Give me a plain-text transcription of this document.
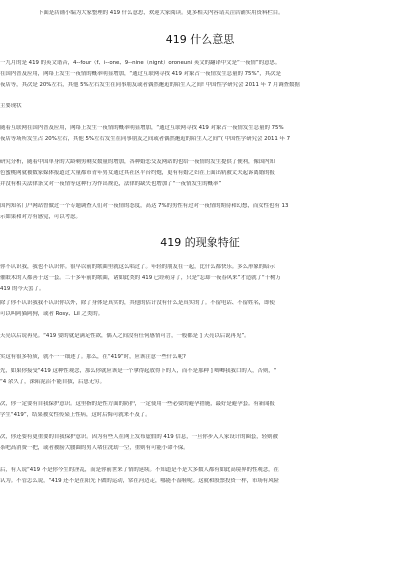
下面是店铺小编为大家整理的 419 什么意思，欢迎大家阅读。更多相关内容请关注店铺实用资料栏目。

419 什么意思

一九月的是 419 的英文谐音，4--four（f、i--one、9--nine（nignt）oroneuni 英文的翻译中文是“一夜情”的意思。

在国内普及应用，网络上发生一夜情的概率明显增加，“通过互联网寻找 419 对象占一夜情发生总量的 75%”，其次是

夜店等，其次是 20%左右，其他 5%左右发生在同事朋友或者偶然邂逅的陌生人之间! 中国性学研究会 2011 年 7 月调查数据

主要现状

随着互联网在国内普及应用，网络上发生一夜情的概率明显增加，“通过互联网寻找 419 对象占一夜情发生总量的 75%

夜店等场所发生占 20%左右，其他 5%左右发生在同事朋友之间或者偶然邂逅的陌生人之间”( 中国性学研究会 2011 年 7

研究分析，随着中国单身的大龄剩男剩女数量的增加，各种婚恋交友网站的也给一夜情的发生提供了便利，像国内知

色蜜桃网就被数家媒体报道过大量都市青年男女通过其社区平台约炮，更有有婚之妇在上面出轨被丈夫起诉离婚的报

并没有相关法律条文对一夜情等这种行为作出规范，法律的缺失也增加了“一夜情发生的概率”

国内知名门户网站曾做过一个专题调查人们对一夜情的态度，高达 7%的男性有过对一夜情的期待和幻想，而女性也有 13

示如果和对方有感觉，可以考虑。

419 的现象特征

你不认识我，我也不认识你。很早以前的歌曲里就这么唱过了。年轻的朋友在一起，比什么都快乐。多么形象的暗示

催眠术的人都善于这一套。二十多年前的歌曲，诸如此类的 419 已经萌芽了，只是“忘却一夜春风来”才造就了“千树万

419 的今天罢了。

除了你不认识我我不认识你以外，除了身体是真实的，其他的估计没有什么是真实的了。不留电话、不留姓名，即使

可以叫阿猫阿狗，或者 Rosy、Lil 之类的。

天亮以后说再见。“419 要的就是满足性欲，偶人之间没有任何感情可言，一般都是 ] 天亮以后说再见”。

实这有很多特质，就不一一细述了。那么，在“419”时，应该注意一些什么呢?

先，如果你接受“419 这种性观念，那么你就应该是一个拿得起放得下的人，而不是那种 ] 唧唧我我口的人，否则，“

“4 余久了，深陷泥沼不能自拔，后患无穷。

次，你一定要有自我保护意识。这里指的是性方面的防护，一定使用一些必要的避孕措施，最好是避孕套。有新闻报

学生“419”，结果被女性传染上性病，这时后悔可就来不及了。

次，你还要有更重要的自我保护意识。因为有些人在网上发布虚假的 419 信息，一旦你步入人家设计的圈套，轻则被

茶吧高消费一把，或者被膀大腰圆的男人堵住洗劫一空，重则有可能小命不保。

后，有人说“419 不是你今生的淫乱，而是你前世来了情的延续。不知道是不是大多数人都有如此高境界的性观念，在

认为。不管怎么说，“419 还不是在阳光下做的运动，常在河边走，哪能不湿鞋呢。这就和股票投资一样，市场有风险
